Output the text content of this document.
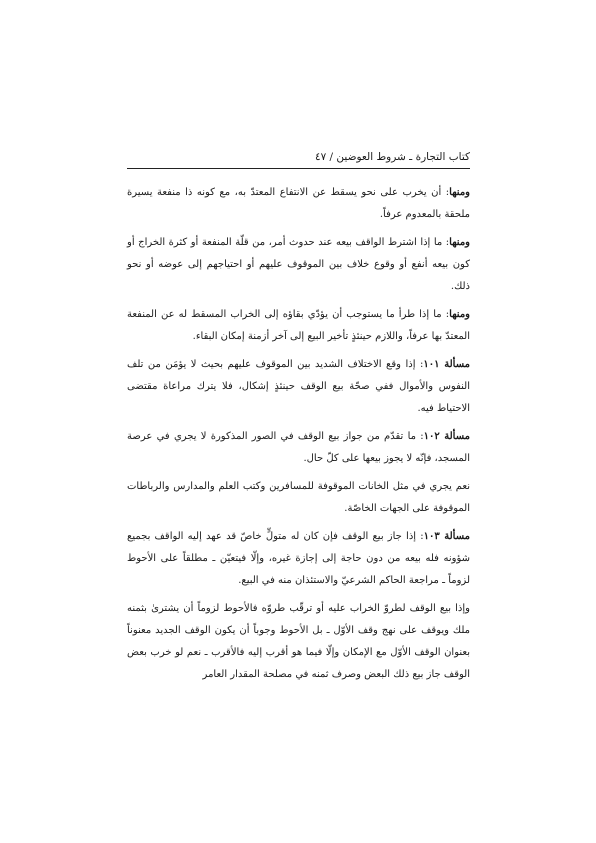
كتاب التجارة ـ شروط العوضين / ٤٧

ومنها: أن يخرب على نحو يسقط عن الانتفاع المعتدّ به، مع كونه ذا منفعة يسيرة ملحقة بالمعدوم عرفاً.

ومنها: ما إذا اشترط الواقف بيعه عند حدوث أمر، من قلّة المنفعة أو كثرة الخراج أو كون بيعه أنفع أو وقوع خلاف بين الموقوف عليهم أو احتياجهم إلى عوضه أو نحو ذلك.

ومنها: ما إذا طرأ ما يستوجب أن يؤدّي بقاؤه إلى الخراب المسقط له عن المنفعة المعتدّ بها عرفاً، واللازم حينئذٍ تأخير البيع إلى آخر أزمنة إمكان البقاء.

مسألة ١٠١: إذا وقع الاختلاف الشديد بين الموقوف عليهم بحيث لا يؤمَن من تلف النفوس والأموال ففي صحّة بيع الوقف حينئذٍ إشكال، فلا يترك مراعاة مقتضى الاحتياط فيه.

مسألة ١٠٢: ما تقدّم من جواز بيع الوقف في الصور المذكورة لا يجري في عرصة المسجد، فإنّه لا يجوز بيعها على كلّ حال.

نعم يجري في مثل الخانات الموقوفة للمسافرين وكتب العلم والمدارس والرباطات الموقوفة على الجهات الخاصّة.

مسألة ١٠٣: إذا جاز بيع الوقف فإن كان له متولٍّ خاصّ قد عهد إليه الواقف بجميع شؤونه فله بيعه من دون حاجة إلى إجازة غيره، وإلّا فيتعيّن ـ مطلقاً على الأحوط لزوماً ـ مراجعة الحاكم الشرعيّ والاستئذان منه في البيع.

وإذا بيع الوقف لطروّ الخراب عليه أو ترقّب طروّه فالأحوط لزوماً أن يشترىٰ بثمنه ملك ويوقف على نهج وقف الأوّل ـ بل الأحوط وجوباً أن يكون الوقف الجديد معنوناً بعنوان الوقف الأوّل مع الإمكان وإلّا فيما هو أقرب إليه فالأقرب ـ نعم لو خرب بعض الوقف جاز بيع ذلك البعض وصرف ثمنه في مصلحة المقدار العامر
